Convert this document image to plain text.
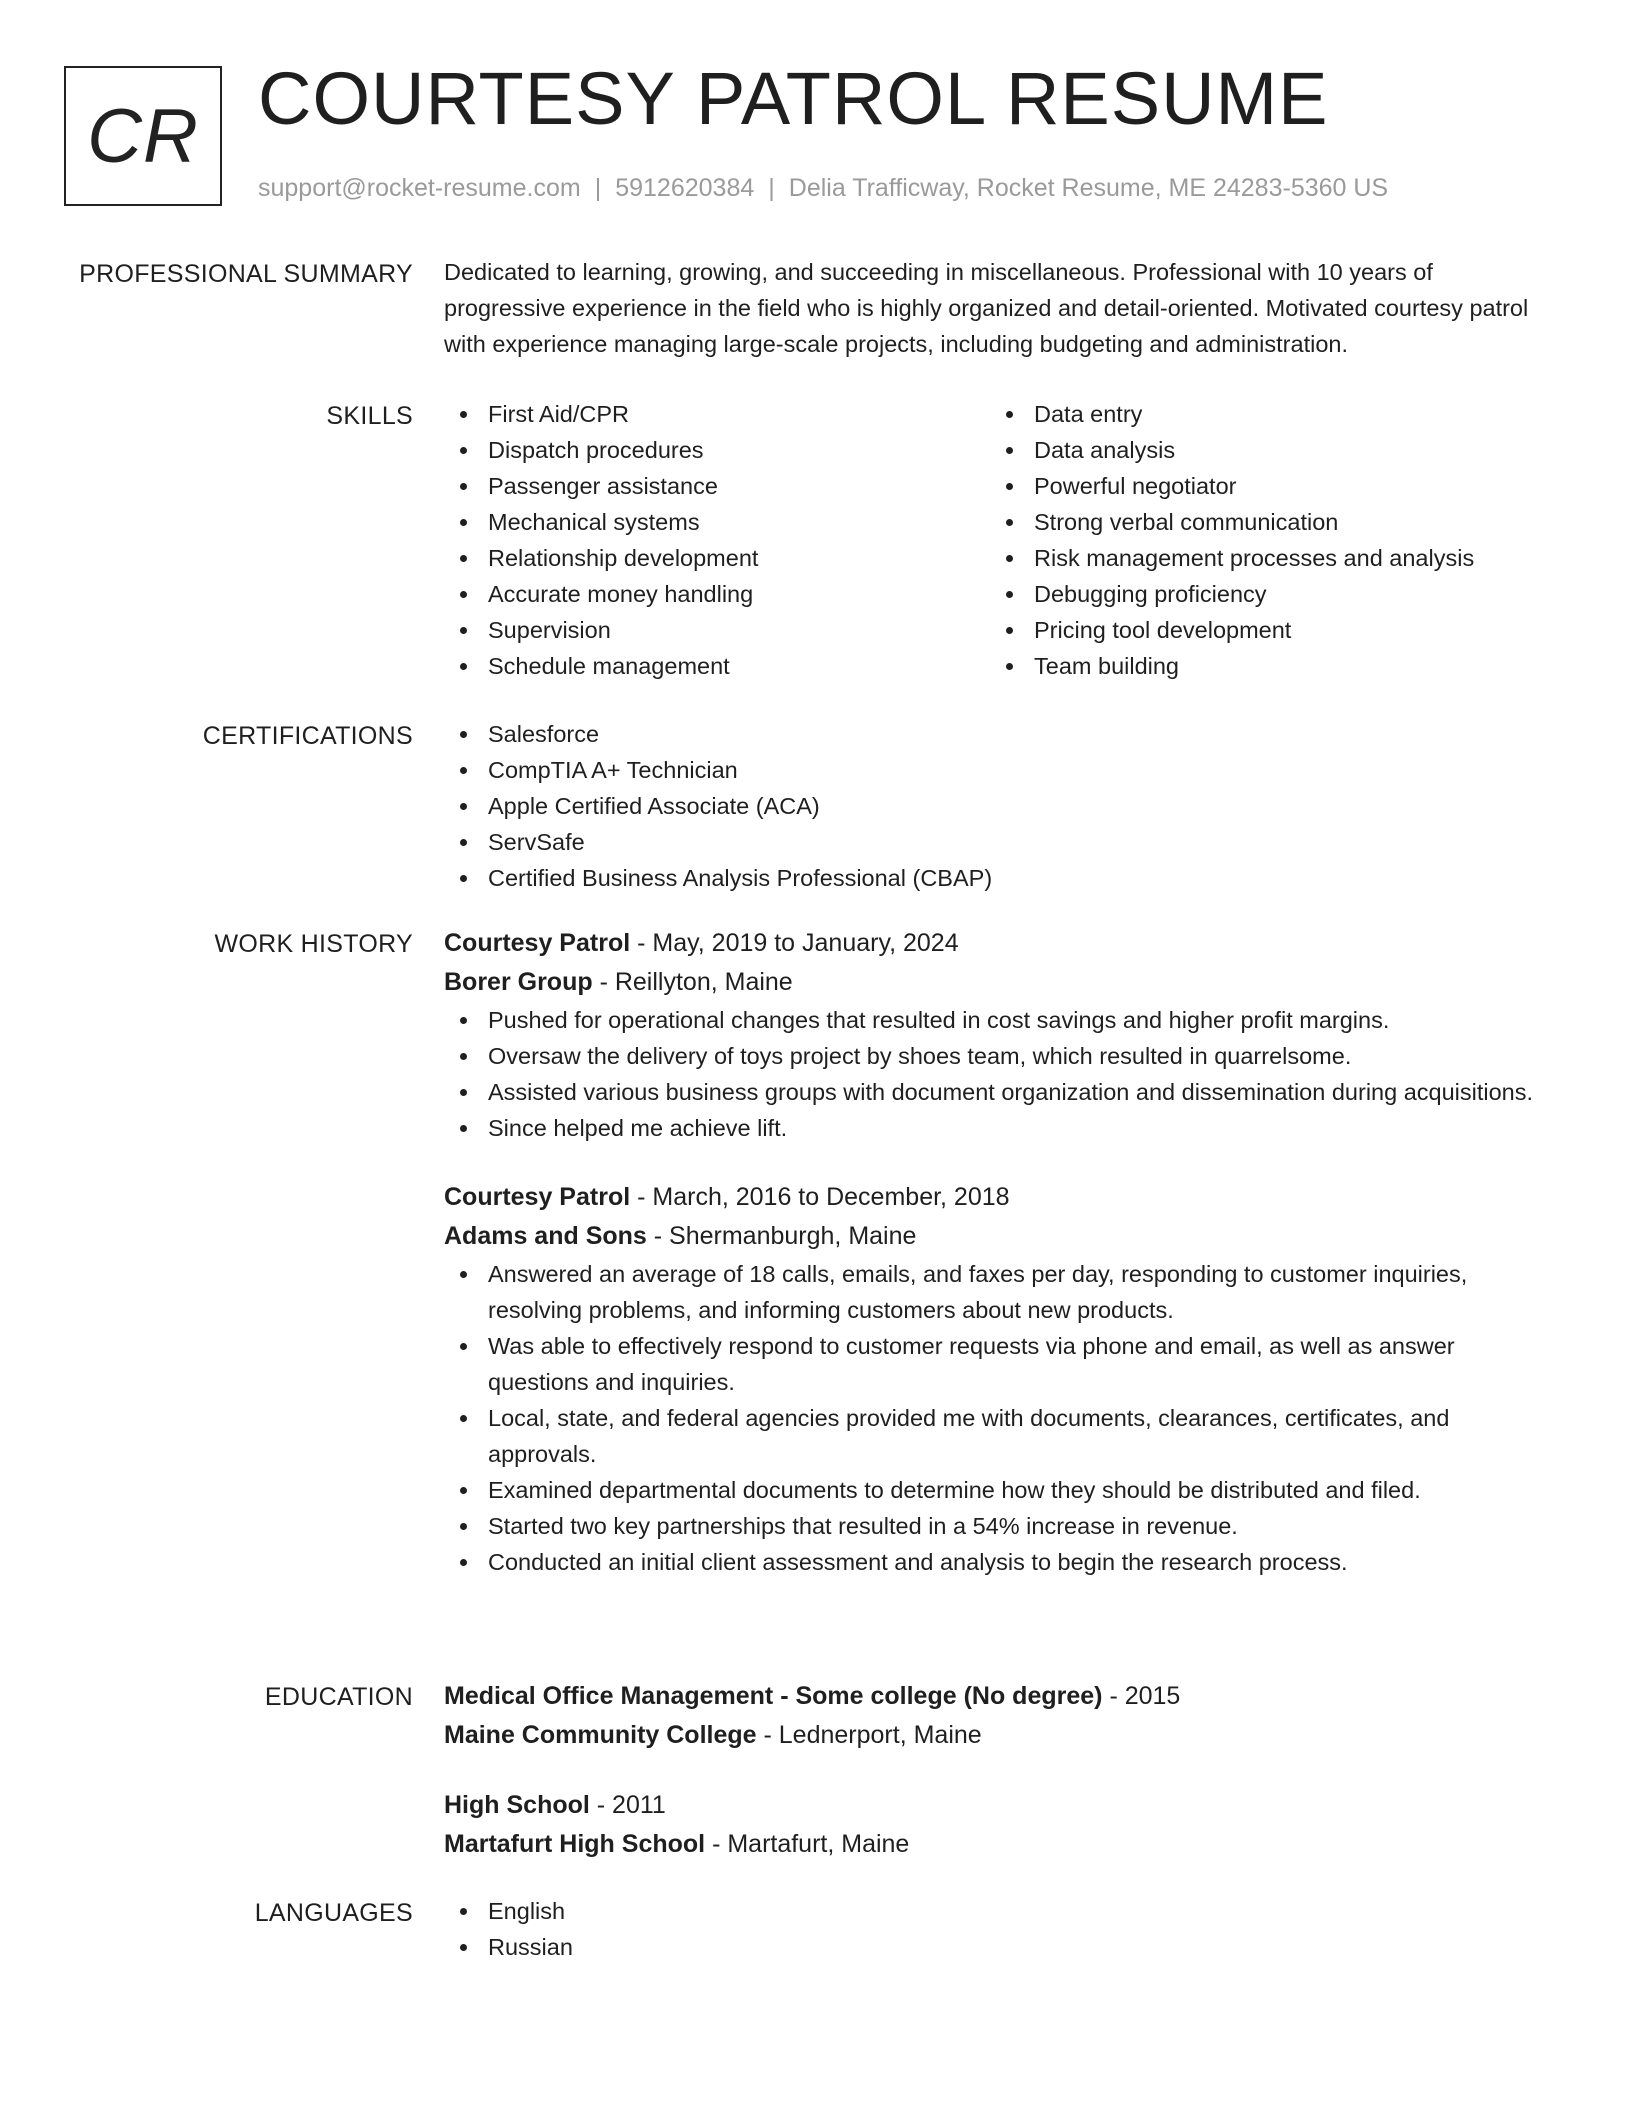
CR COURTESY PATROL RESUME
support@rocket-resume.com | 5912620384 | Delia Trafficway, Rocket Resume, ME 24283-5360 US
PROFESSIONAL SUMMARY Dedicated to learning, growing, and succeeding in miscellaneous. Professional with 10 years of progressive experience in the field who is highly organized and detail-oriented. Motivated courtesy patrol with experience managing large-scale projects, including budgeting and administration.

SKILLS	First Aid/CPR
Dispatch procedures
Passenger assistance
Mechanical systems
Relationship development
Accurate money handling
Supervision
Schedule management
Data entry
Data analysis
Powerful negotiator
Strong verbal communication
Risk management processes and analysis
Debugging proficiency
Pricing tool development
Team building
CERTIFICATIONS	Salesforce
CompTIA A+ Technician
Apple Certified Associate (ACA)
ServSafe
Certified Business Analysis Professional (CBAP)
WORK HISTORY Courtesy Patrol - May, 2019 to January, 2024
Borer Group - Reillyton, Maine
Pushed for operational changes that resulted in cost savings and higher profit margins.
Oversaw the delivery of toys project by shoes team, which resulted in quarrelsome.
Assisted various business groups with document organization and dissemination during acquisitions.
Since helped me achieve lift.
Courtesy Patrol - March, 2016 to December, 2018
Adams and Sons - Shermanburgh, Maine
Answered an average of 18 calls, emails, and faxes per day, responding to customer inquiries, resolving problems, and informing customers about new products.
Was able to effectively respond to customer requests via phone and email, as well as answer questions and inquiries.
Local, state, and federal agencies provided me with documents, clearances, certificates, and approvals.
Examined departmental documents to determine how they should be distributed and filed.
Started two key partnerships that resulted in a 54% increase in revenue.
Conducted an initial client assessment and analysis to begin the research process.
EDUCATION Medical Office Management - Some college (No degree) - 2015
Maine Community College - Lednerport, Maine
High School - 2011
Martafurt High School - Martafurt, Maine
LANGUAGES	English
Russian
